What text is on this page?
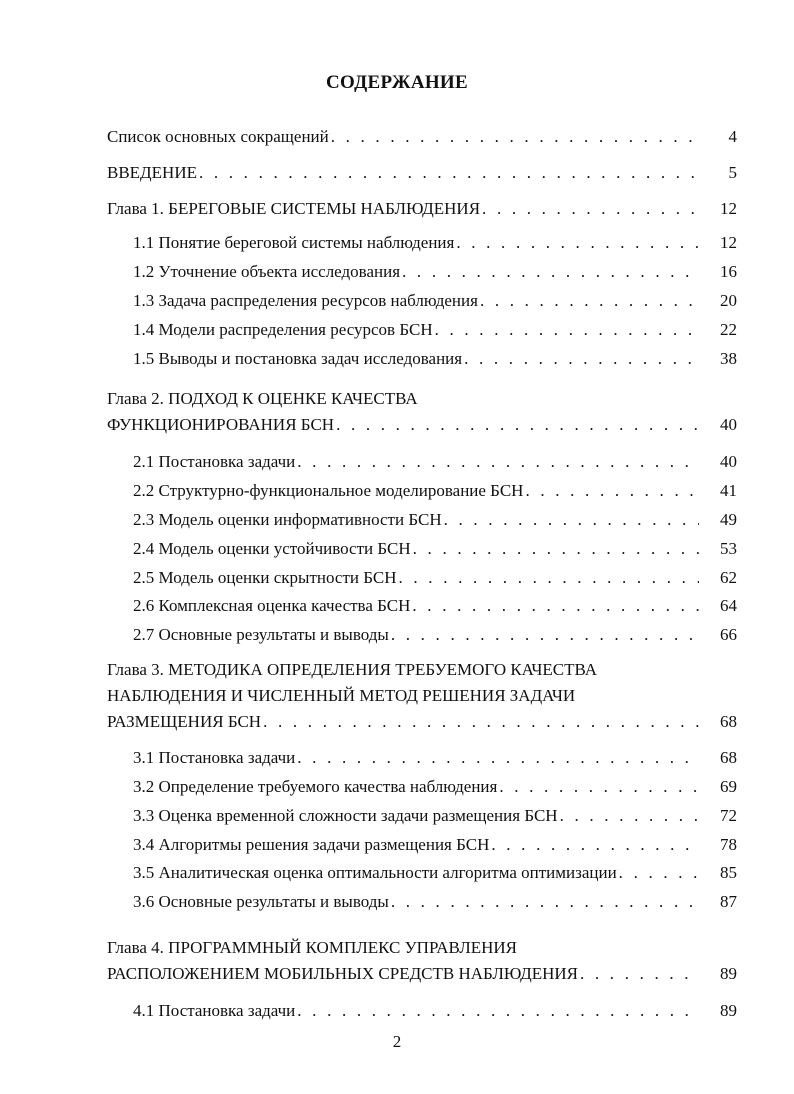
СОДЕРЖАНИЕ
Список основных сокращений . . .	4
ВВЕДЕНИЕ . . .	5
Глава 1. БЕРЕГОВЫЕ СИСТЕМЫ НАБЛЮДЕНИЯ . . .	12
1.1 Понятие береговой системы наблюдения . . .	12
1.2 Уточнение объекта исследования . . .	16
1.3 Задача распределения ресурсов наблюдения . . .	20
1.4 Модели распределения ресурсов БСН . . .	22
1.5 Выводы и постановка задач исследования . . .	38
Глава 2. ПОДХОД К ОЦЕНКЕ КАЧЕСТВА
ФУНКЦИОНИРОВАНИЯ БСН . . .	40
2.1 Постановка задачи . . .	40
2.2 Структурно-функциональное моделирование БСН . . .	41
2.3 Модель оценки информативности БСН . . .	49
2.4 Модель оценки устойчивости БСН . . .	53
2.5 Модель оценки скрытности БСН . . .	62
2.6 Комплексная оценка качества БСН . . .	64
2.7 Основные результаты и выводы . . .	66
Глава 3. МЕТОДИКА ОПРЕДЕЛЕНИЯ ТРЕБУЕМОГО КАЧЕСТВА
НАБЛЮДЕНИЯ И ЧИСЛЕННЫЙ МЕТОД РЕШЕНИЯ ЗАДАЧИ
РАЗМЕЩЕНИЯ БСН . . .	68
3.1 Постановка задачи . . .	68
3.2 Определение требуемого качества наблюдения . . .	69
3.3 Оценка временной сложности задачи размещения БСН . . .	72
3.4 Алгоритмы решения задачи размещения БСН . . .	78
3.5 Аналитическая оценка оптимальности алгоритма оптимизации . . .	85
3.6 Основные результаты и выводы . . .	87
Глава 4. ПРОГРАММНЫЙ КОМПЛЕКС УПРАВЛЕНИЯ
РАСПОЛОЖЕНИЕМ МОБИЛЬНЫХ СРЕДСТВ НАБЛЮДЕНИЯ . . .	89
4.1 Постановка задачи . . .	89
2
